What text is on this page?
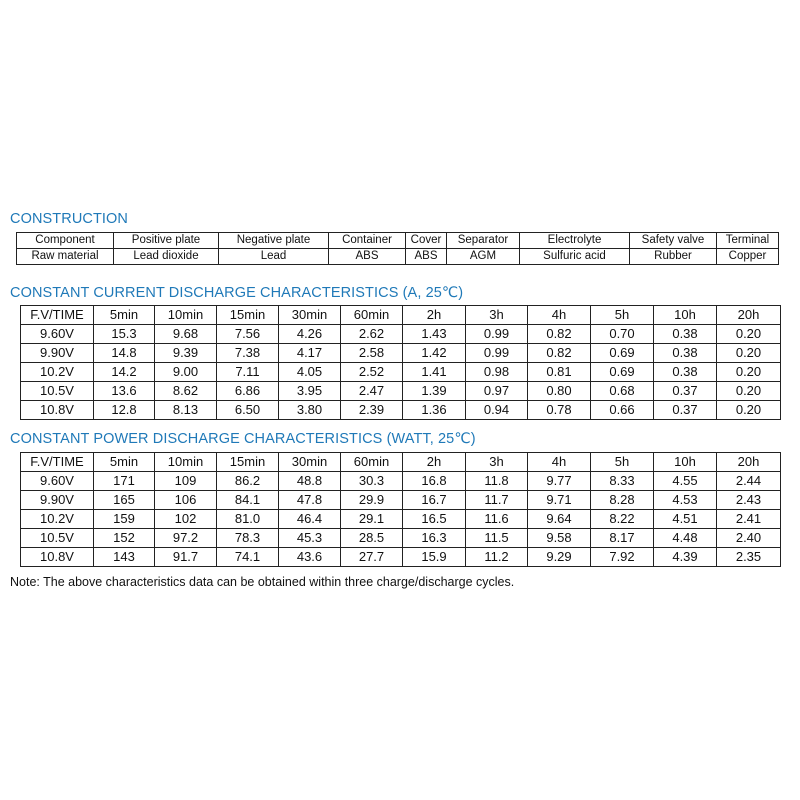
CONSTRUCTION
Component	Positive plate	Negative plate	Container	Cover	Separator	Electrolyte	Safety valve	Terminal
Raw material	Lead dioxide	Lead	ABS	ABS	AGM	Sulfuric acid	Rubber	Copper
CONSTANT CURRENT DISCHARGE CHARACTERISTICS (A, 25℃)
F.V/TIME	5min	10min	15min	30min	60min	2h	3h	4h	5h	10h	20h
9.60V	15.3	9.68	7.56	4.26	2.62	1.43	0.99	0.82	0.70	0.38	0.20
9.90V	14.8	9.39	7.38	4.17	2.58	1.42	0.99	0.82	0.69	0.38	0.20
10.2V	14.2	9.00	7.11	4.05	2.52	1.41	0.98	0.81	0.69	0.38	0.20
10.5V	13.6	8.62	6.86	3.95	2.47	1.39	0.97	0.80	0.68	0.37	0.20
10.8V	12.8	8.13	6.50	3.80	2.39	1.36	0.94	0.78	0.66	0.37	0.20
CONSTANT POWER DISCHARGE CHARACTERISTICS (WATT, 25℃)
F.V/TIME	5min	10min	15min	30min	60min	2h	3h	4h	5h	10h	20h
9.60V	171	109	86.2	48.8	30.3	16.8	11.8	9.77	8.33	4.55	2.44
9.90V	165	106	84.1	47.8	29.9	16.7	11.7	9.71	8.28	4.53	2.43
10.2V	159	102	81.0	46.4	29.1	16.5	11.6	9.64	8.22	4.51	2.41
10.5V	152	97.2	78.3	45.3	28.5	16.3	11.5	9.58	8.17	4.48	2.40
10.8V	143	91.7	74.1	43.6	27.7	15.9	11.2	9.29	7.92	4.39	2.35
Note: The above characteristics data can be obtained within three charge/discharge cycles.
